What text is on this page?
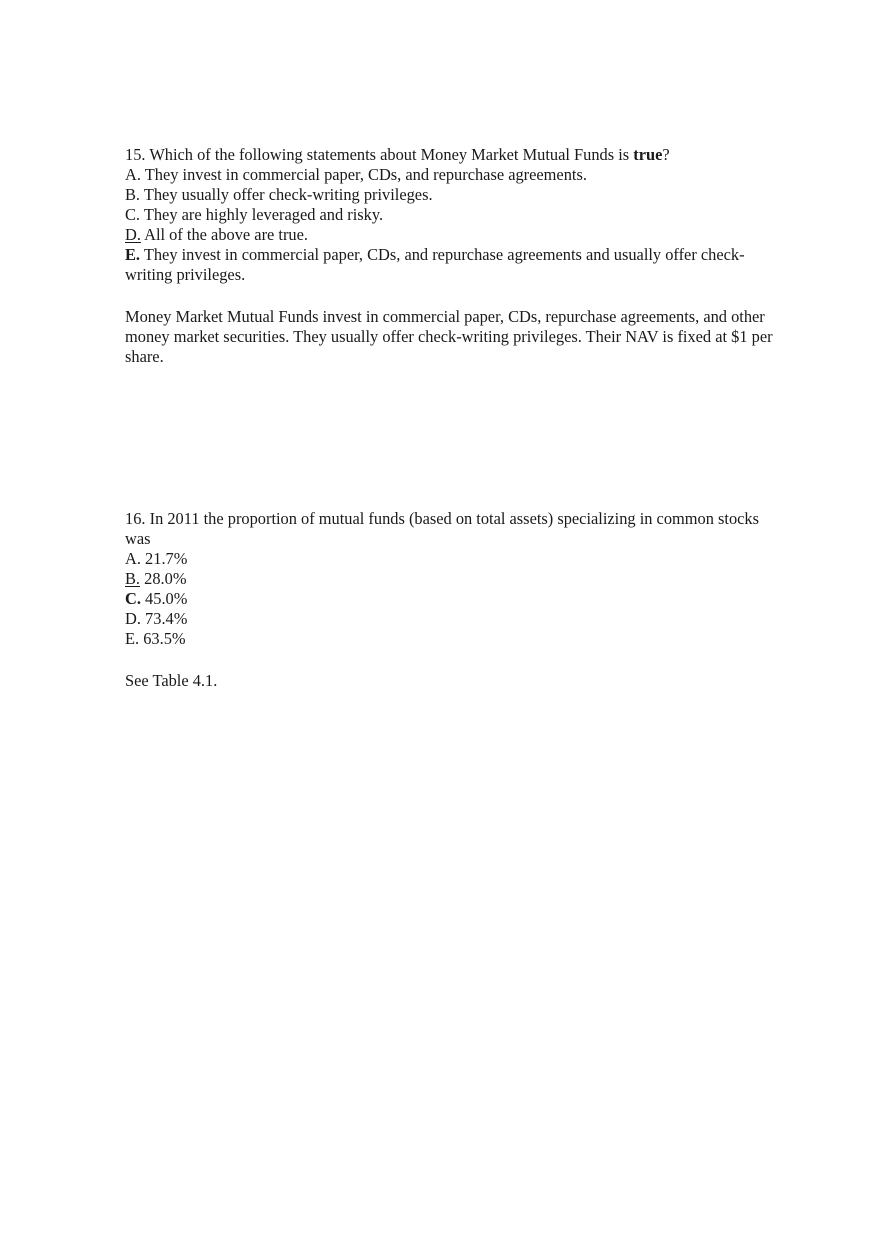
15. Which of the following statements about Money Market Mutual Funds is true?
A. They invest in commercial paper, CDs, and repurchase agreements.
B. They usually offer check-writing privileges.
C. They are highly leveraged and risky.
D. All of the above are true.
E. They invest in commercial paper, CDs, and repurchase agreements and usually offer check-writing privileges.
Money Market Mutual Funds invest in commercial paper, CDs, repurchase agreements, and other money market securities. They usually offer check-writing privileges. Their NAV is fixed at $1 per share.
16. In 2011 the proportion of mutual funds (based on total assets) specializing in common stocks was
A. 21.7%
B. 28.0%
C. 45.0%
D. 73.4%
E. 63.5%
See Table 4.1.
